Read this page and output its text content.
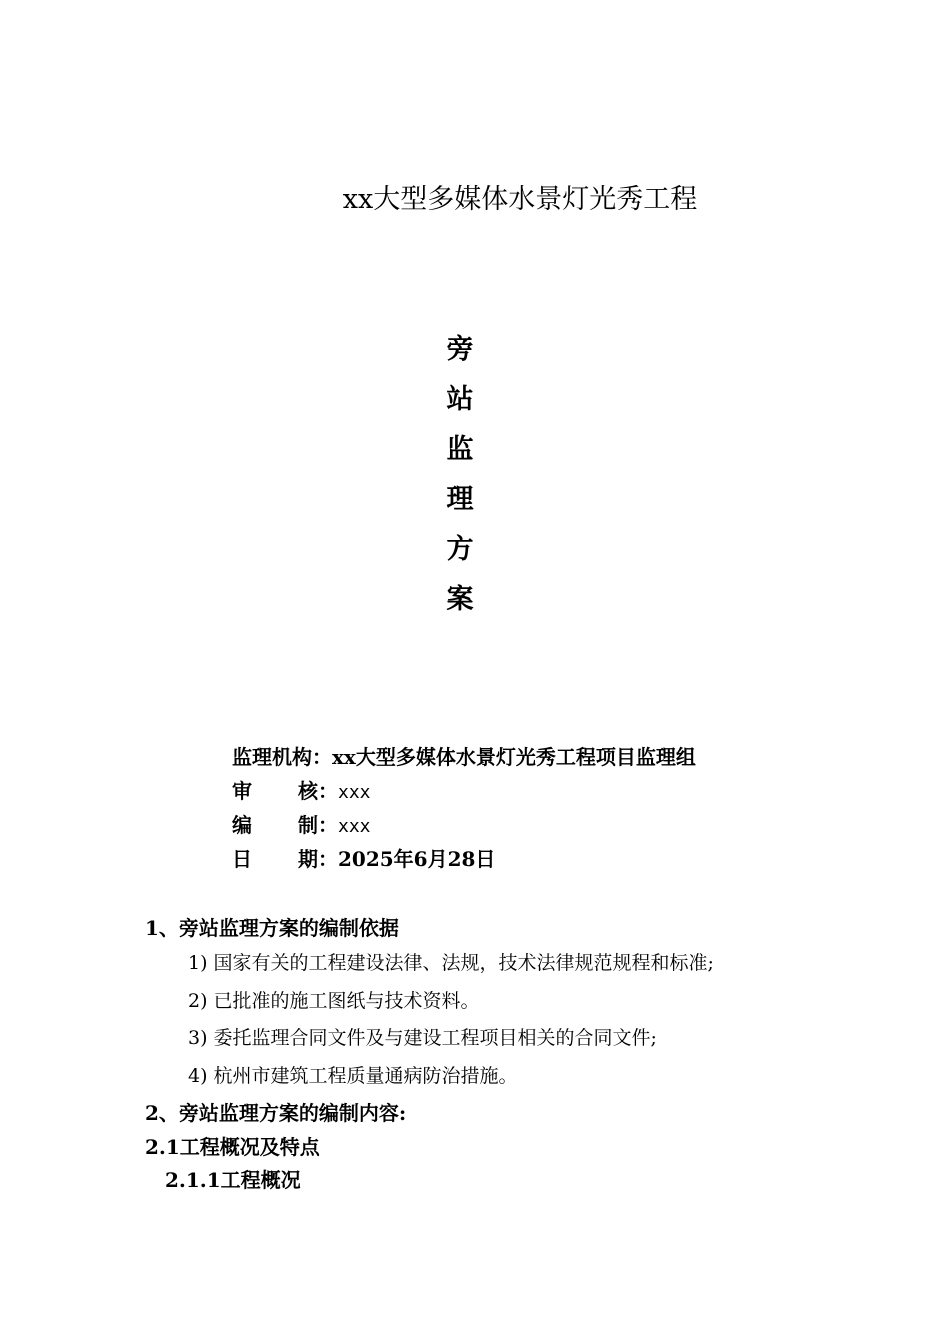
xx大型多媒体水景灯光秀工程
旁
站
监
理
方
案
监理机构：xx大型多媒体水景灯光秀工程项目监理组
审 核：xxx
编 制：xxx
日 期：2025年6月28日
1、旁站监理方案的编制依据
1) 国家有关的工程建设法律、法规，技术法律规范规程和标准;
2) 已批准的施工图纸与技术资料。
3) 委托监理合同文件及与建设工程项目相关的合同文件;
4) 杭州市建筑工程质量通病防治措施。
2、旁站监理方案的编制内容:
2.1工程概况及特点
2.1.1工程概况
